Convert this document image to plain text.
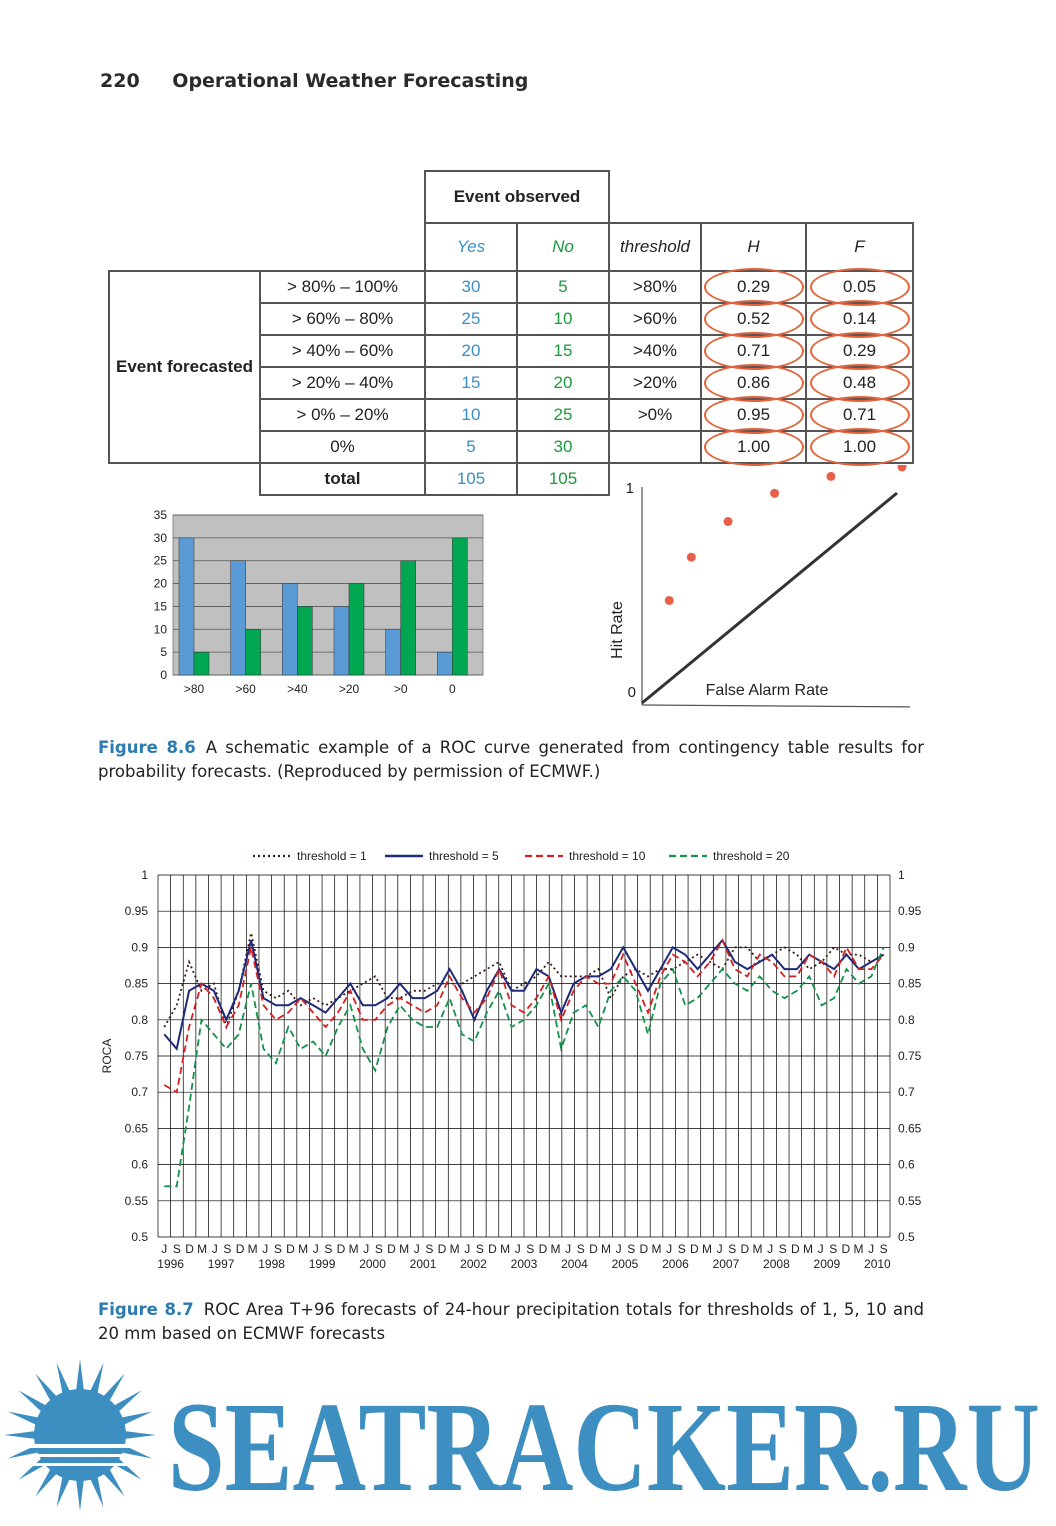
220 Operational Weather Forecasting
		Event observed				
		Yes	No	threshold	H	F
Event forecasted	> 80% – 100%	30	5	>80%	0.29	0.05
	> 60% – 80%	25	10	>60%	0.52	0.14
	> 40% – 60%	20	15	>40%	0.71	0.29
	> 20% – 40%	15	20	>20%	0.86	0.48
	> 0% – 20%	10	25	>0%	0.95	0.71
	0%	5	30		1.00	1.00
	total	105	105			
0
5
10
15
20
25
30
35
>80	>60	>40	>20	>0	0	0
1
Hit Rate
False Alarm Rate
Figure 8.6 A schematic example of a ROC curve generated from contingency table results for probability forecasts. (Reproduced by permission of ECMWF.)
0.5	0.5
0.55	0.55
0.6	0.6
0.65	0.65
0.7	0.7
0.75	0.75
0.8	0.8
0.85	0.85
0.9	0.9
0.95	0.95
1	1
J S D M J S D M J S D M J S D M J S D M J S D M J S D M J S D M J S D M J S D M J S D M J S D M J S D M J S D M J S
1996 1997 1998 1999 2000 2001 2002 2003 2004 2005 2006 2007 2008 2009 2010
ROCA
threshold = 1	threshold = 5	threshold = 10	threshold = 20
Figure 8.7 ROC Area T+96 forecasts of 24-hour precipitation totals for thresholds of 1, 5, 10 and 20 mm based on ECMWF forecasts
SEATRACKER.RU
